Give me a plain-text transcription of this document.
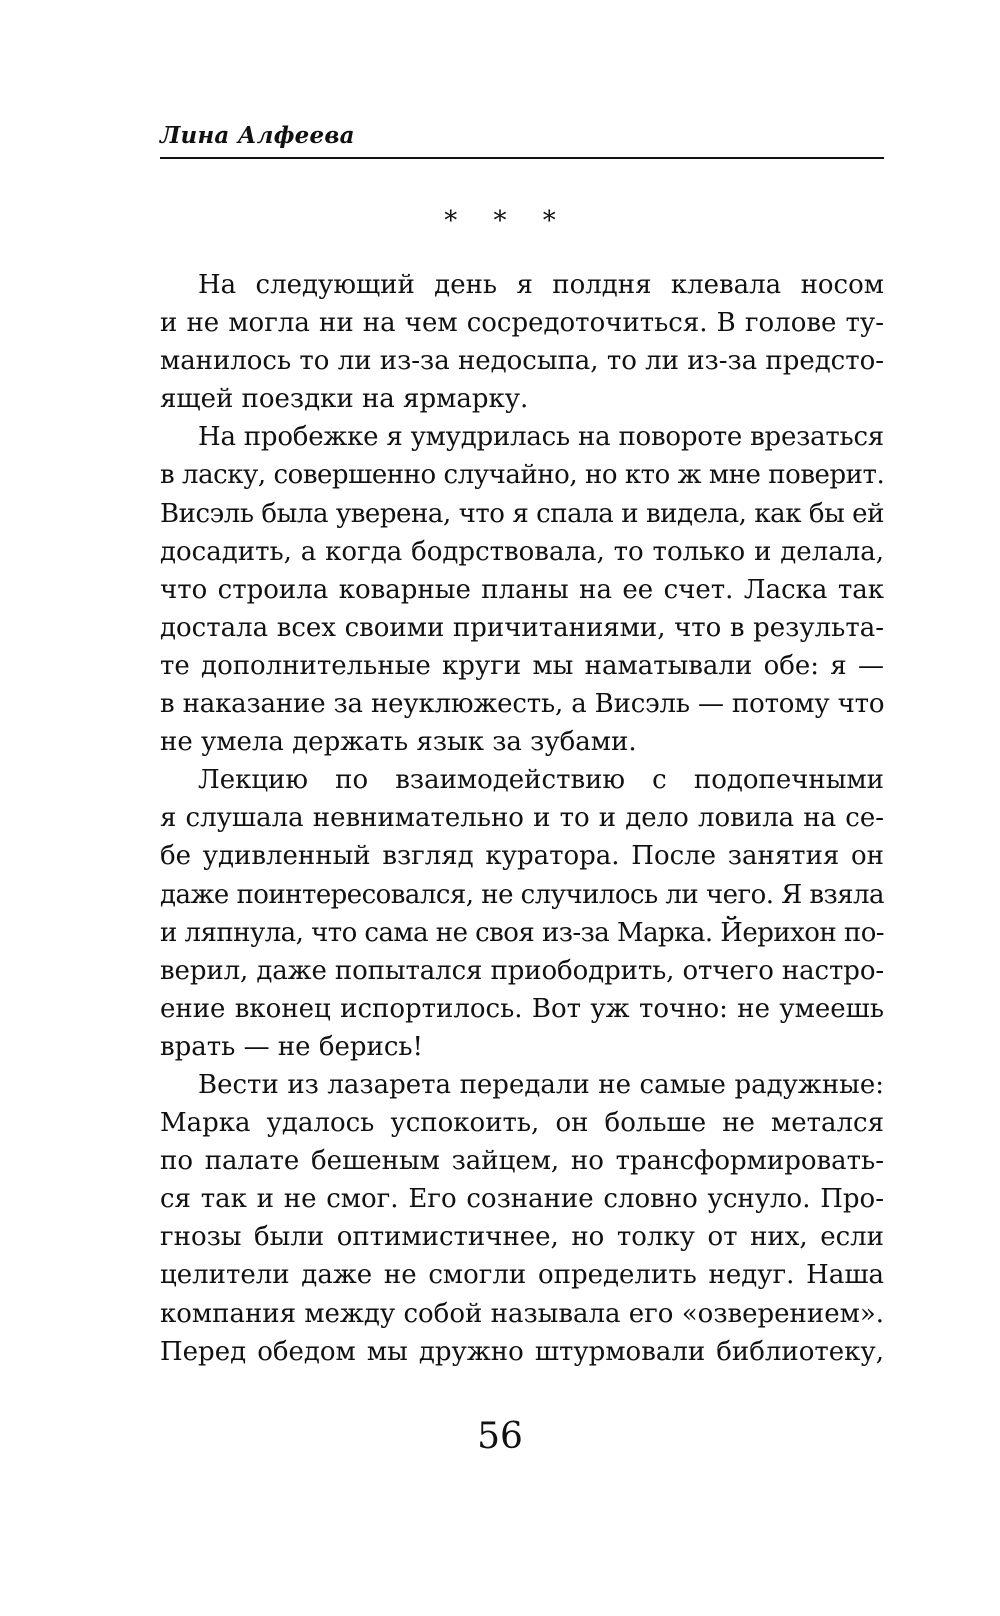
Лина Алфеева
* * *
На следующий день я полдня клевала носом
и не могла ни на чем сосредоточиться. В голове ту-
манилось то ли из-за недосыпа, то ли из-за предсто-
ящей поездки на ярмарку.
На пробежке я умудрилась на повороте врезаться
в ласку, совершенно случайно, но кто ж мне поверит.
Висэль была уверена, что я спала и видела, как бы ей
досадить, а когда бодрствовала, то только и делала,
что строила коварные планы на ее счет. Ласка так
достала всех своими причитаниями, что в результа-
те дополнительные круги мы наматывали обе: я —
в наказание за неуклюжесть, а Висэль — потому что
не умела держать язык за зубами.
Лекцию по взаимодействию с подопечными
я слушала невнимательно и то и дело ловила на се-
бе удивленный взгляд куратора. После занятия он
даже поинтересовался, не случилось ли чего. Я взяла
и ляпнула, что сама не своя из-за Марка. Йерихон по-
верил, даже попытался приободрить, отчего настро-
ение вконец испортилось. Вот уж точно: не умеешь
врать — не берись!
Вести из лазарета передали не самые радужные:
Марка удалось успокоить, он больше не метался
по палате бешеным зайцем, но трансформировать-
ся так и не смог. Его сознание словно уснуло. Про-
гнозы были оптимистичнее, но толку от них, если
целители даже не смогли определить недуг. Наша
компания между собой называла его «озверением».
Перед обедом мы дружно штурмовали библиотеку,
56
